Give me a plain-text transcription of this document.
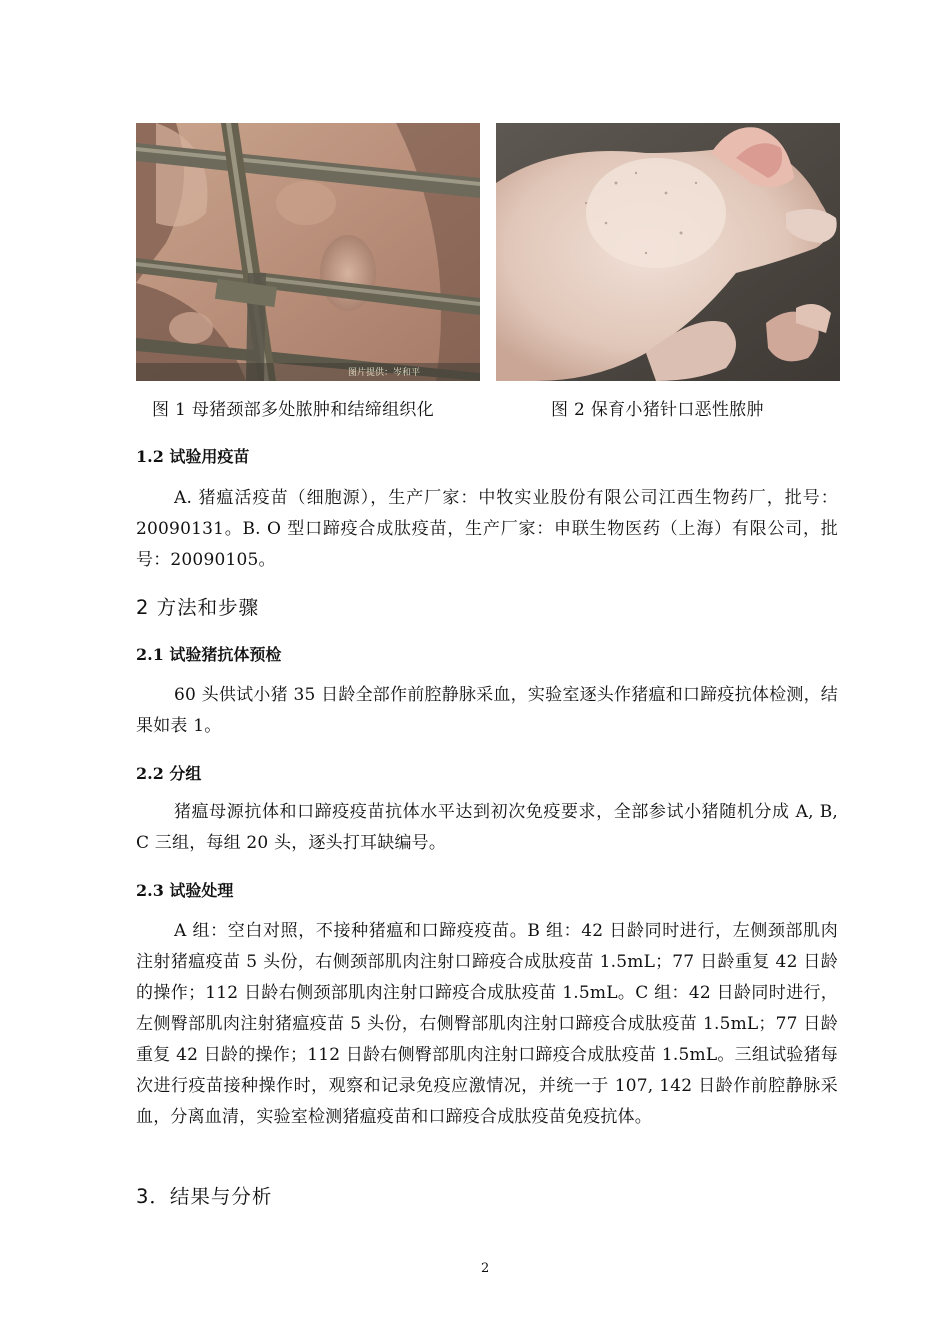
图片提供：岑和平
图 1 母猪颈部多处脓肿和结缔组织化	图 2 保育小猪针口恶性脓肿
1.2 试验用疫苗
A. 猪瘟活疫苗（细胞源），生产厂家：中牧实业股份有限公司江西生物药厂，批号：20090131。B. O 型口蹄疫合成肽疫苗，生产厂家：申联生物医药（上海）有限公司，批号：20090105。
2 方法和步骤
2.1 试验猪抗体预检
60 头供试小猪 35 日龄全部作前腔静脉采血，实验室逐头作猪瘟和口蹄疫抗体检测，结果如表 1。
2.2 分组
猪瘟母源抗体和口蹄疫疫苗抗体水平达到初次免疫要求，全部参试小猪随机分成 A, B, C 三组，每组 20 头，逐头打耳缺编号。
2.3 试验处理
A 组：空白对照，不接种猪瘟和口蹄疫疫苗。B 组：42 日龄同时进行，左侧颈部肌肉注射猪瘟疫苗 5 头份，右侧颈部肌肉注射口蹄疫合成肽疫苗 1.5mL；77 日龄重复 42 日龄的操作；112 日龄右侧颈部肌肉注射口蹄疫合成肽疫苗 1.5mL。C 组：42 日龄同时进行，左侧臀部肌肉注射猪瘟疫苗 5 头份，右侧臀部肌肉注射口蹄疫合成肽疫苗 1.5mL；77 日龄重复 42 日龄的操作；112 日龄右侧臀部肌肉注射口蹄疫合成肽疫苗 1.5mL。三组试验猪每次进行疫苗接种操作时，观察和记录免疫应激情况，并统一于 107, 142 日龄作前腔静脉采血，分离血清，实验室检测猪瘟疫苗和口蹄疫合成肽疫苗免疫抗体。
3．结果与分析
2
